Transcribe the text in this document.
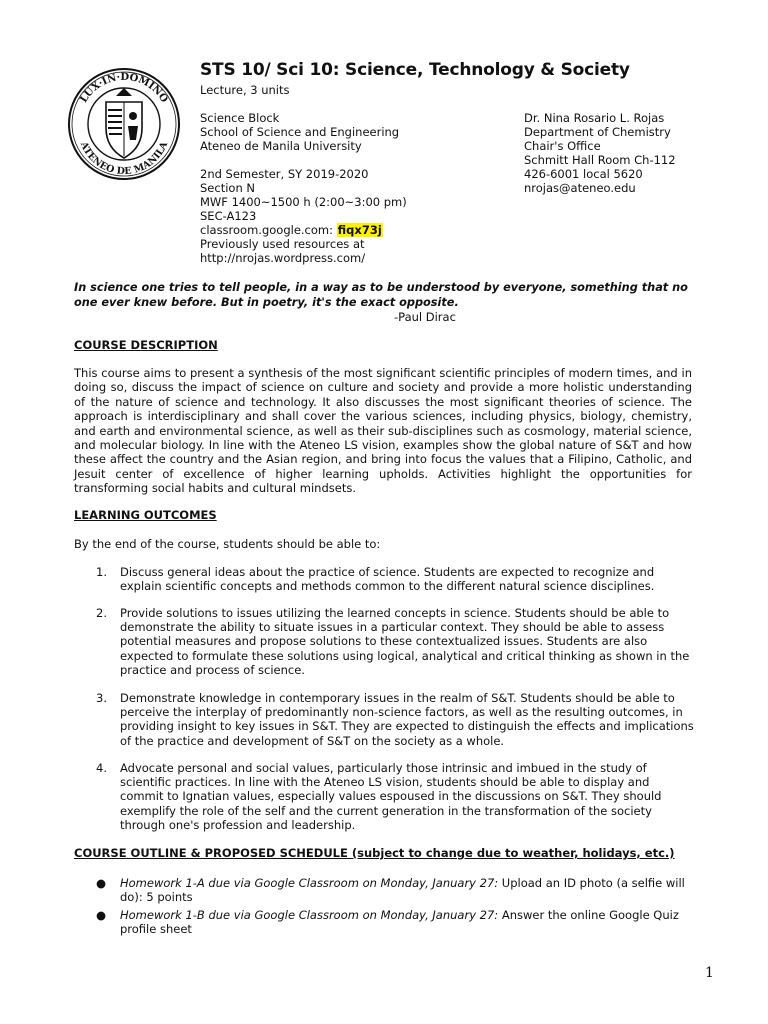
LUX·IN·DOMINO
ATENEO DE MANILA
STS 10/ Sci 10: Science, Technology & Society
Lecture, 3 units
Science Block
School of Science and Engineering
Ateneo de Manila University
2nd Semester, SY 2019-2020
Section N
MWF 1400~1500 h (2:00~3:00 pm)
SEC-A123
classroom.google.com: fiqx73j
Previously used resources at
http://nrojas.wordpress.com/
Dr. Nina Rosario L. Rojas
Department of Chemistry
Chair's Office
Schmitt Hall Room Ch-112
426-6001 local 5620
nrojas@ateneo.edu
In science one tries to tell people, in a way as to be understood by everyone, something that no one ever knew before. But in poetry, it's the exact opposite.
-Paul Dirac
COURSE DESCRIPTION
This course aims to present a synthesis of the most significant scientific principles of modern times, and in doing so, discuss the impact of science on culture and society and provide a more holistic understanding of the nature of science and technology. It also discusses the most significant theories of science. The approach is interdisciplinary and shall cover the various sciences, including physics, biology, chemistry, and earth and environmental science, as well as their sub-disciplines such as cosmology, material science, and molecular biology. In line with the Ateneo LS vision, examples show the global nature of S&T and how these affect the country and the Asian region, and bring into focus the values that a Filipino, Catholic, and Jesuit center of excellence of higher learning upholds. Activities highlight the opportunities for transforming social habits and cultural mindsets.
LEARNING OUTCOMES
By the end of the course, students should be able to:
1. Discuss general ideas about the practice of science. Students are expected to recognize and explain scientific concepts and methods common to the different natural science disciplines.
2. Provide solutions to issues utilizing the learned concepts in science. Students should be able to demonstrate the ability to situate issues in a particular context. They should be able to assess potential measures and propose solutions to these contextualized issues. Students are also expected to formulate these solutions using logical, analytical and critical thinking as shown in the practice and process of science.
3. Demonstrate knowledge in contemporary issues in the realm of S&T. Students should be able to perceive the interplay of predominantly non-science factors, as well as the resulting outcomes, in providing insight to key issues in S&T. They are expected to distinguish the effects and implications of the practice and development of S&T on the society as a whole.
4. Advocate personal and social values, particularly those intrinsic and imbued in the study of scientific practices. In line with the Ateneo LS vision, students should be able to display and commit to Ignatian values, especially values espoused in the discussions on S&T. They should exemplify the role of the self and the current generation in the transformation of the society through one's profession and leadership.
COURSE OUTLINE & PROPOSED SCHEDULE (subject to change due to weather, holidays, etc.)
● Homework 1-A due via Google Classroom on Monday, January 27: Upload an ID photo (a selfie will do): 5 points
● Homework 1-B due via Google Classroom on Monday, January 27: Answer the online Google Quiz profile sheet
1
